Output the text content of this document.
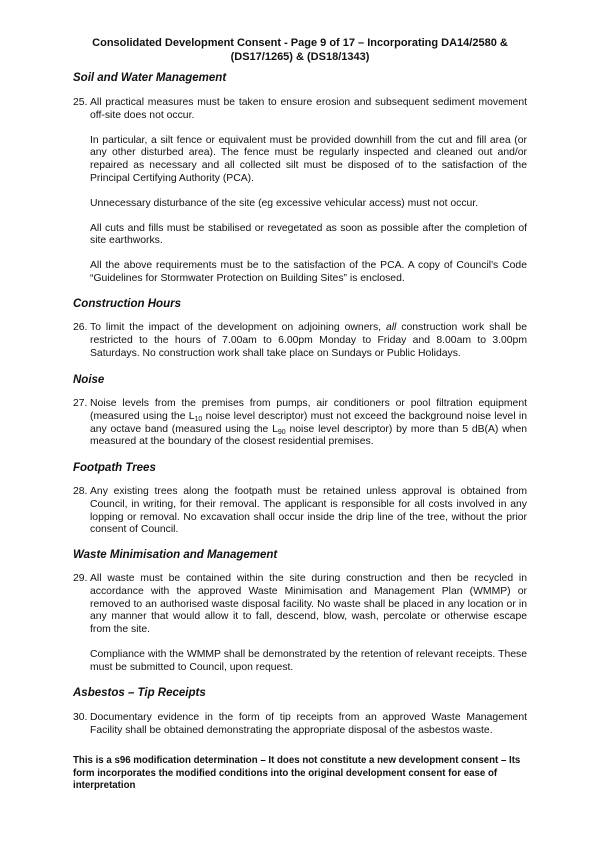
Consolidated Development Consent - Page 9 of 17 – Incorporating DA14/2580 &
(DS17/1265) & (DS18/1343)
Soil and Water Management
25. All practical measures must be taken to ensure erosion and subsequent sediment movement off-site does not occur.

In particular, a silt fence or equivalent must be provided downhill from the cut and fill area (or any other disturbed area). The fence must be regularly inspected and cleaned out and/or repaired as necessary and all collected silt must be disposed of to the satisfaction of the Principal Certifying Authority (PCA).

Unnecessary disturbance of the site (eg excessive vehicular access) must not occur.

All cuts and fills must be stabilised or revegetated as soon as possible after the completion of site earthworks.

All the above requirements must be to the satisfaction of the PCA. A copy of Council's Code “Guidelines for Stormwater Protection on Building Sites” is enclosed.

Construction Hours
26. To limit the impact of the development on adjoining owners, all construction work shall be restricted to the hours of 7.00am to 6.00pm Monday to Friday and 8.00am to 3.00pm Saturdays. No construction work shall take place on Sundays or Public Holidays.

Noise
27. Noise levels from the premises from pumps, air conditioners or pool filtration equipment (measured using the $L_{10}$ noise level descriptor) must not exceed the background noise level in any octave band (measured using the $L_{90}$ noise level descriptor) by more than 5 dB(A) when measured at the boundary of the closest residential premises.

Footpath Trees
28. Any existing trees along the footpath must be retained unless approval is obtained from Council, in writing, for their removal. The applicant is responsible for all costs involved in any lopping or removal. No excavation shall occur inside the drip line of the tree, without the prior consent of Council.

Waste Minimisation and Management
29. All waste must be contained within the site during construction and then be recycled in accordance with the approved Waste Minimisation and Management Plan (WMMP) or removed to an authorised waste disposal facility. No waste shall be placed in any location or in any manner that would allow it to fall, descend, blow, wash, percolate or otherwise escape from the site.

Compliance with the WMMP shall be demonstrated by the retention of relevant receipts. These must be submitted to Council, upon request.

Asbestos – Tip Receipts
30. Documentary evidence in the form of tip receipts from an approved Waste Management Facility shall be obtained demonstrating the appropriate disposal of the asbestos waste.

This is a s96 modification determination – It does not constitute a new development consent – Its form incorporates the modified conditions into the original development consent for ease of interpretation
